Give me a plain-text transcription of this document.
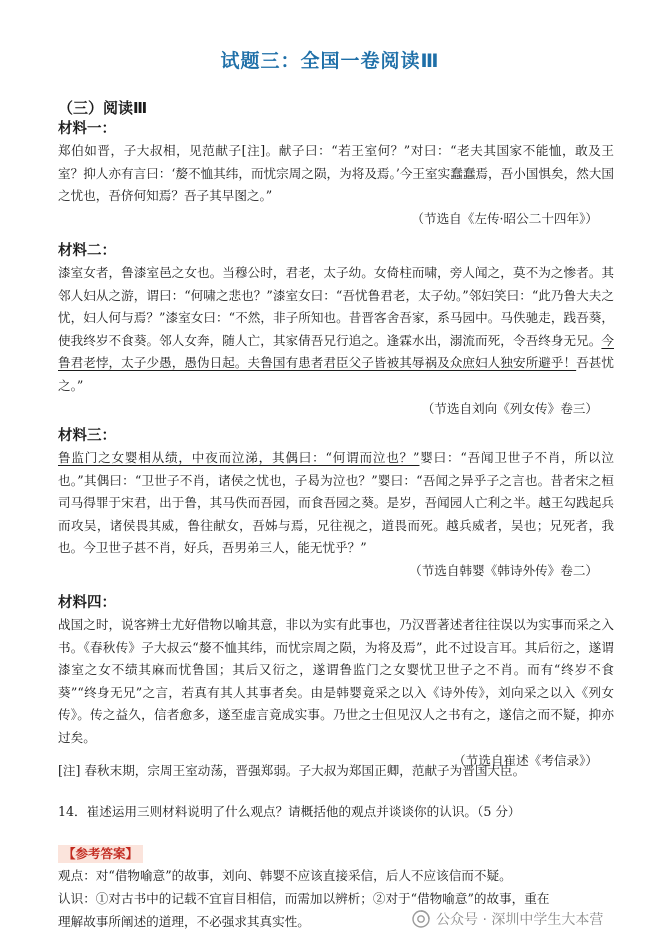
试题三：全国一卷阅读Ⅲ
（三）阅读Ⅲ
材料一：

郑伯如晋，子大叔相，见范献子[注]。献子曰：“若王室何？”对曰：“老夫其国家不能恤，敢及王室？抑人亦有言曰：‘嫠不恤其纬，而忧宗周之陨，为将及焉。’今王室实蠢蠢焉，吾小国惧矣，然大国之忧也，吾侪何知焉？吾子其早图之。”

（节选自《左传·昭公二十四年》）
材料二：

漆室女者，鲁漆室邑之女也。当穆公时，君老，太子幼。女倚柱而啸，旁人闻之，莫不为之惨者。其邻人妇从之游，谓曰：“何啸之悲也？”漆室女曰：“吾忧鲁君老，太子幼。”邻妇笑曰：“此乃鲁大夫之忧，妇人何与焉？”漆室女曰：“不然，非子所知也。昔晋客舍吾家，系马园中。马佚驰走，践吾葵，使我终岁不食葵。邻人女奔，随人亡，其家倩吾兄行追之。逢霖水出，溺流而死，令吾终身无兄。今鲁君老悖，太子少愚，愚伪日起。夫鲁国有患者君臣父子皆被其辱祸及众庶妇人独安所避乎！吾甚忧之。”

（节选自刘向《列女传》卷三）
材料三：

鲁监门之女婴相从绩，中夜而泣涕，其偶曰：“何谓而泣也？”婴曰：“吾闻卫世子不肖，所以泣也。”其偶曰：“卫世子不肖，诸侯之忧也，子曷为泣也？”婴曰：“吾闻之异乎子之言也。昔者宋之桓司马得罪于宋君，出于鲁，其马佚而吾园，而食吾园之葵。是岁，吾闻园人亡利之半。越王勾践起兵而攻吴，诸侯畏其威，鲁往献女，吾姊与焉，兄往视之，道畏而死。越兵威者，吴也；兄死者，我也。今卫世子甚不肖，好兵，吾男弟三人，能无忧乎？”

（节选自韩婴《韩诗外传》卷二）
材料四：

战国之时，说客辨士尤好借物以喻其意，非以为实有此事也，乃汉晋著述者往往误以为实事而采之入书。《春秋传》子大叔云“嫠不恤其纬，而忧宗周之陨，为将及焉”，此不过设言耳。其后衍之，遂谓漆室之女不绩其麻而忧鲁国；其后又衍之，遂谓鲁监门之女婴忧卫世子之不肖。而有“终岁不食葵”“终身无兄”之言，若真有其人其事者矣。由是韩婴竟采之以入《诗外传》，刘向采之以入《列女传》。传之益久，信者愈多，遂至虚言竟成实事。乃世之士但见汉人之书有之，遂信之而不疑，抑亦过矣。

（节选自崔述《考信录》）
[注] 春秋末期，宗周王室动荡，晋强郑弱。子大叔为郑国正卿，范献子为晋国大臣。
14．崔述运用三则材料说明了什么观点？请概括他的观点并谈谈你的认识。（5 分）
【参考答案】
观点：对“借物喻意”的故事，刘向、韩婴不应该直接采信，后人不应该信而不疑。
认识：①对古书中的记载不宜盲目相信，而需加以辨析；②对于“借物喻意”的故事，重在
理解故事所阐述的道理，不必强求其真实性。	公众号 · 深圳中学生大本营
